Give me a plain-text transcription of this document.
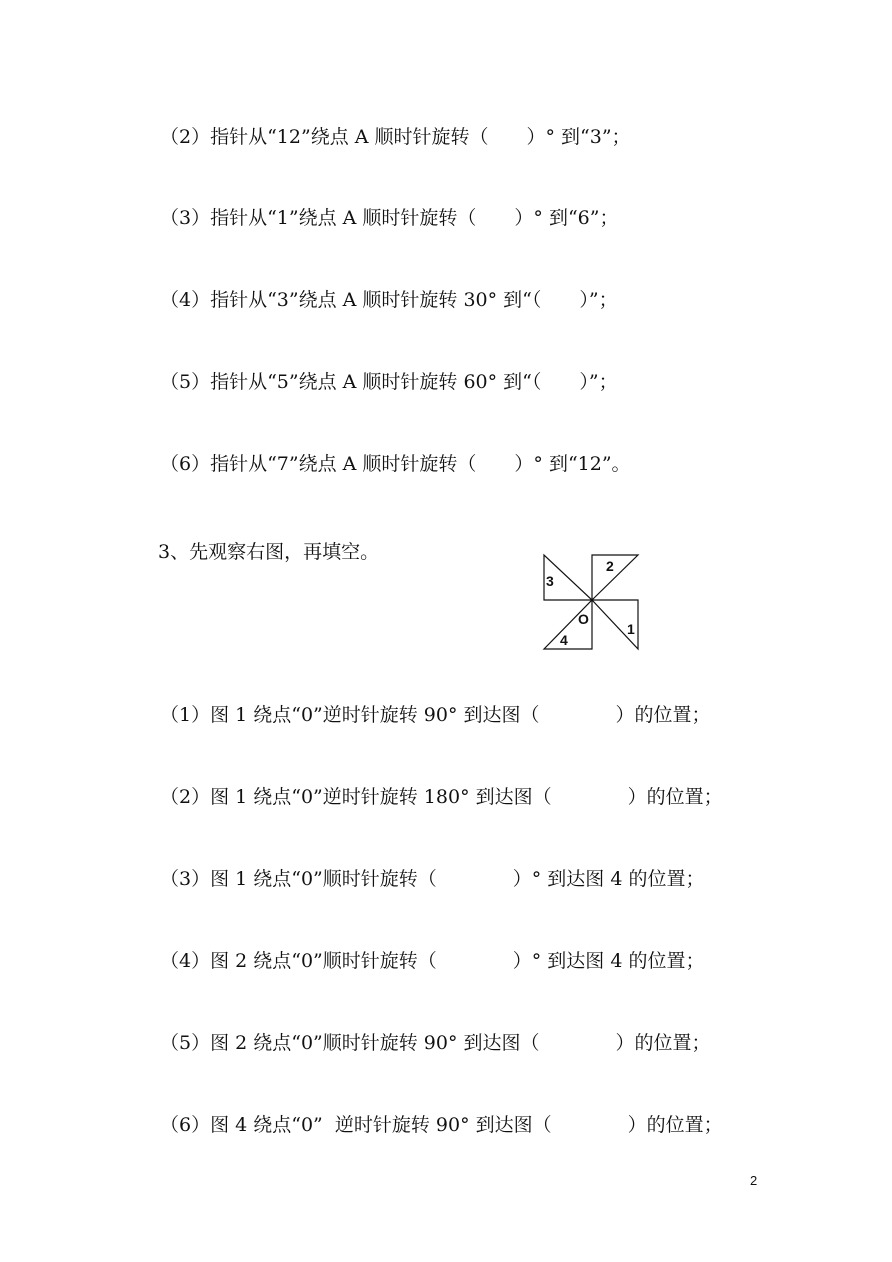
（2）指针从“12”绕点 A 顺时针旋转（　　）° 到“3”；
（3）指针从“1”绕点 A 顺时针旋转（　　）° 到“6”；
（4）指针从“3”绕点 A 顺时针旋转 30° 到“（　　）”；
（5）指针从“5”绕点 A 顺时针旋转 60° 到“（　　）”；
（6）指针从“7”绕点 A 顺时针旋转（　　）° 到“12”。
3、先观察右图，再填空。
1
2
3
4
O
（1）图 1 绕点“0”逆时针旋转 90° 到达图（　　　　）的位置；
（2）图 1 绕点“0”逆时针旋转 180° 到达图（　　　　）的位置；
（3）图 1 绕点“0”顺时针旋转（　　　　）° 到达图 4 的位置；
（4）图 2 绕点“0”顺时针旋转（　　　　）° 到达图 4 的位置；
（5）图 2 绕点“0”顺时针旋转 90° 到达图（　　　　）的位置；
（6）图 4 绕点“0”  逆时针旋转 90° 到达图（　　　　）的位置；
2
